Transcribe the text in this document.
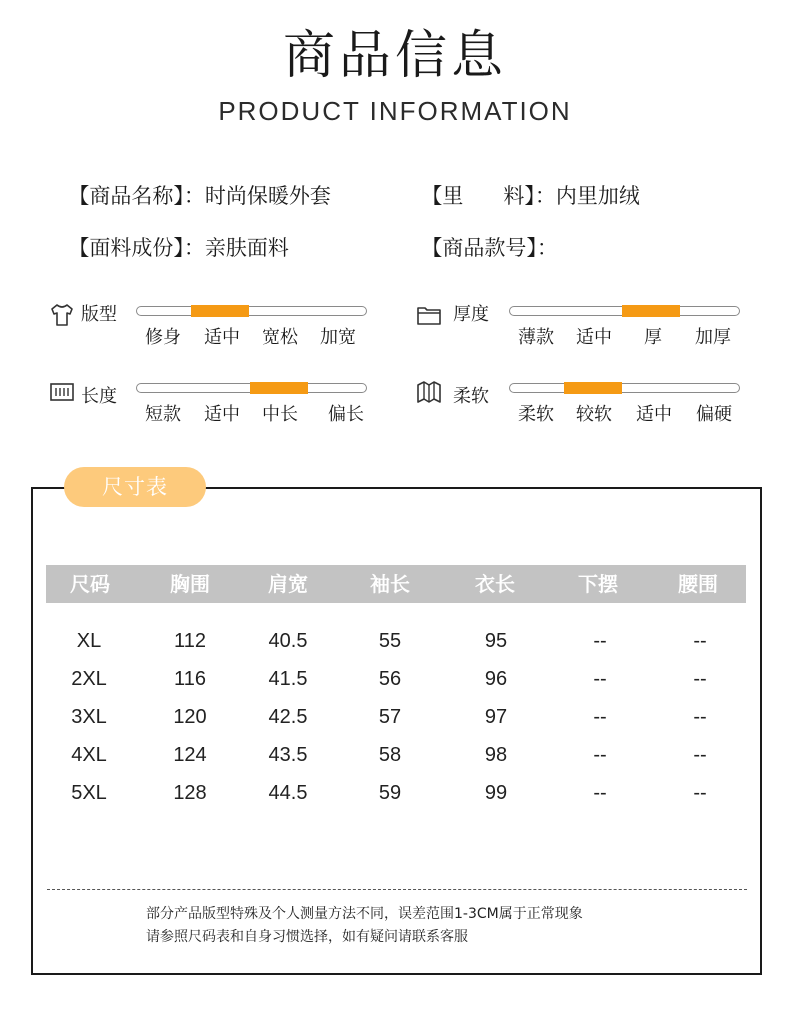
商品信息
PRODUCT INFORMATION

【商品名称】：时尚保暖外套	【里      料】：内里加绒

【面料成份】：亲肤面料	【商品款号】：

版型
修身 适中 宽松 加宽
厚度
薄款 适中 厚 加厚
长度
短款 适中 中长 偏长
柔软
柔软 较软 适中 偏硬
尺寸表
尺码	胸围	肩宽	袖长	衣长	下摆	腰围
XL	112	40.5	55	95	--	--
2XL	116	41.5	56	96	--	--
3XL	120	42.5	57	97	--	--
4XL	124	43.5	58	98	--	--
5XL	128	44.5	59	99	--	--
部分产品版型特殊及个人测量方法不同，误差范围1-3CM属于正常现象
请参照尺码表和自身习惯选择，如有疑问请联系客服
